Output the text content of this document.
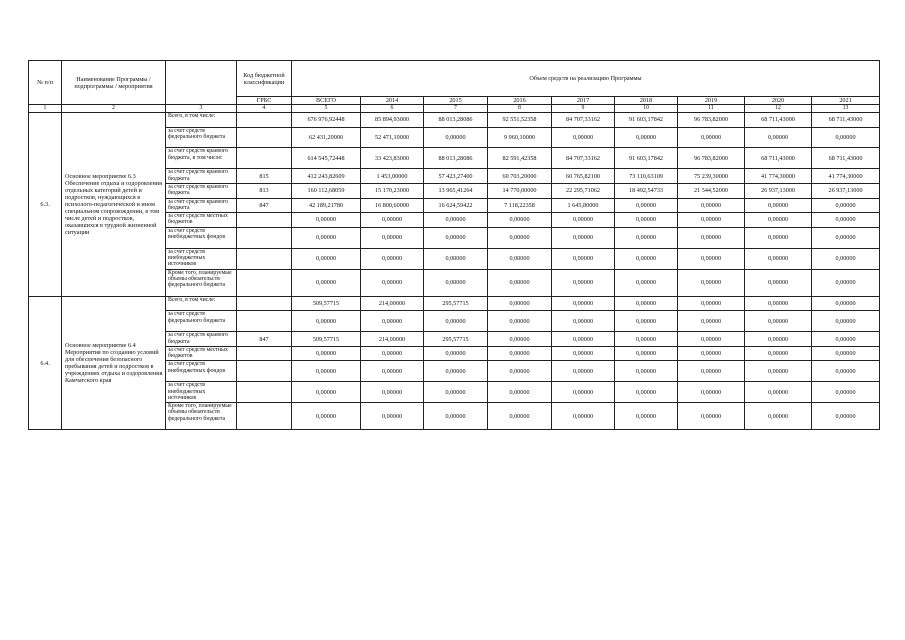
№ п/п	Наименование Программы / подпрограммы / мероприятия		Код бюджетной классификации	Объем средств на реализацию Программы								
			ГРБС	ВСЕГО	2014	2015	2016	2017	2018	2019	2020	2021
1	2	3	4	5	6	7	8	9	10	11	12	13
6.3.	Основное мероприятие 6.3 Обеспечение отдыха и оздоровления отдельных категорий детей и подростков, нуждающихся в психолого-педагогической и ином специальном сопровождении, в том числе детей и подростков, оказавшихся в трудной жизненной ситуации	Всего, в том числе:		676 976,92448	85 894,93000	88 013,28086	92 551,52358	84 707,33162	91 603,17842	96 783,82000	68 711,43000	68 711,43000
		за счет средств федерального бюджета		62 431,20000	52 471,10000	0,00000	9 960,10000	0,00000	0,00000	0,00000	0,00000	0,00000
		за счет средств краевого бюджета, в том числе:		614 545,72448	33 423,83000	88 013,28086	82 591,42358	84 707,33162	91 603,17842	96 783,82000	68 711,43000	68 711,43000
		за счет средств краевого бюджета	815	412 243,82609	1 453,00000	57 423,27400	60 703,20000	60 765,82100	73 110,63109	75 239,30000	41 774,30000	41 774,30000
		за счет средств краевого бюджета	813	160 112,68059	15 170,23000	13 965,41264	14 770,00000	22 295,71062	18 492,54733	21 544,52000	26 937,13000	26 937,13000
		за счет средств краевого бюджета	847	42 189,21780	16 800,60000	16 624,59422	7 118,22358	1 645,80000	0,00000	0,00000	0,00000	0,00000
		за счет средств местных бюджетов		0,00000	0,00000	0,00000	0,00000	0,00000	0,00000	0,00000	0,00000	0,00000
		за счет средств внебюджетных фондов		0,00000	0,00000	0,00000	0,00000	0,00000	0,00000	0,00000	0,00000	0,00000
		за счет средств внебюджетных источников		0,00000	0,00000	0,00000	0,00000	0,00000	0,00000	0,00000	0,00000	0,00000
		Кроме того, планируемые объемы обязательств федерального бюджета		0,00000	0,00000	0,00000	0,00000	0,00000	0,00000	0,00000	0,00000	0,00000
6.4.	Основное мероприятие 6.4 Мероприятия по созданию условий для обеспечения безопасного пребывания детей и подростков в учреждениях отдыха и оздоровления Камчатского края	Всего, в том числе:		509,57715	214,00000	295,57715	0,00000	0,00000	0,00000	0,00000	0,00000	0,00000
		за счет средств федерального бюджета		0,00000	0,00000	0,00000	0,00000	0,00000	0,00000	0,00000	0,00000	0,00000
		за счет средств краевого бюджета	847	509,57715	214,00000	295,57715	0,00000	0,00000	0,00000	0,00000	0,00000	0,00000
		за счет средств местных бюджетов		0,00000	0,00000	0,00000	0,00000	0,00000	0,00000	0,00000	0,00000	0,00000
		за счет средств внебюджетных фондов		0,00000	0,00000	0,00000	0,00000	0,00000	0,00000	0,00000	0,00000	0,00000
		за счет средств внебюджетных источников		0,00000	0,00000	0,00000	0,00000	0,00000	0,00000	0,00000	0,00000	0,00000
		Кроме того, планируемые объемы обязательств федерального бюджета		0,00000	0,00000	0,00000	0,00000	0,00000	0,00000	0,00000	0,00000	0,00000
